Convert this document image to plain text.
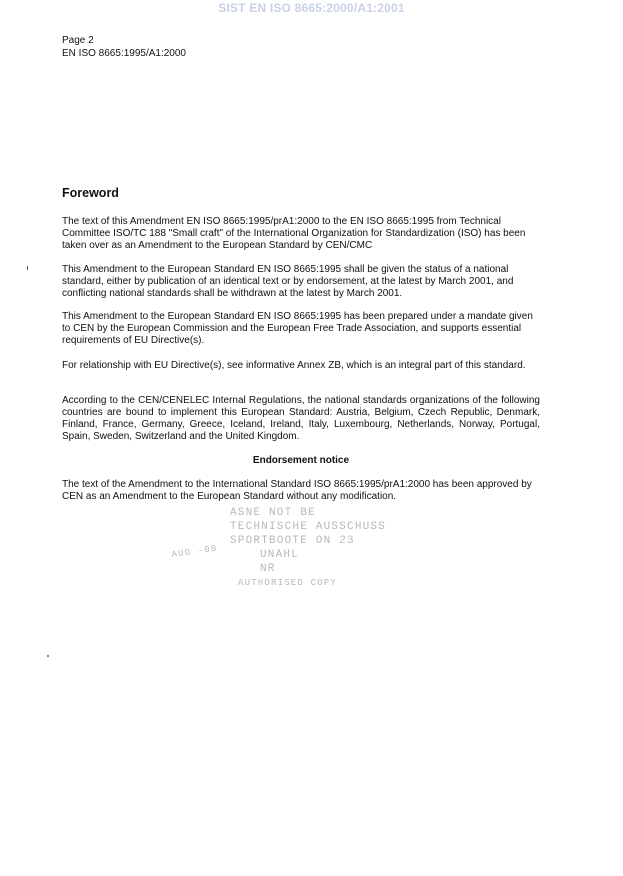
SIST EN ISO 8665:2000/A1:2001
Page 2
EN ISO 8665:1995/A1:2000
Foreword

The text of this Amendment EN ISO 8665:1995/prA1:2000 to the EN ISO 8665:1995 from Technical Committee ISO/TC 188 "Small craft" of the International Organization for Standardization (ISO) has been taken over as an Amendment to the European Standard by CEN/CMC

This Amendment to the European Standard EN ISO 8665:1995 shall be given the status of a national standard, either by publication of an identical text or by endorsement, at the latest by March 2001, and conflicting national standards shall be withdrawn at the latest by March 2001.

This Amendment to the European Standard EN ISO 8665:1995 has been prepared under a mandate given to CEN by the European Commission and the European Free Trade Association, and supports essential requirements of EU Directive(s).

For relationship with EU Directive(s), see informative Annex ZB, which is an integral part of this standard.

According to the CEN/CENELEC Internal Regulations, the national standards organizations of the following countries are bound to implement this European Standard: Austria, Belgium, Czech Republic, Denmark, Finland, France, Germany, Greece, Iceland, Ireland, Italy, Luxembourg, Netherlands, Norway, Portugal, Spain, Sweden, Switzerland and the United Kingdom.

Endorsement notice

The text of the Amendment to the International Standard ISO 8665:1995/prA1:2000 has been approved by CEN as an Amendment to the European Standard without any modification.

ASNE NOT BE
TECHNISCHE AUSSCHUSS
SPORTBOOTE ON 23
UNAHL
NR
AUTHORISED COPY
AUG -08
